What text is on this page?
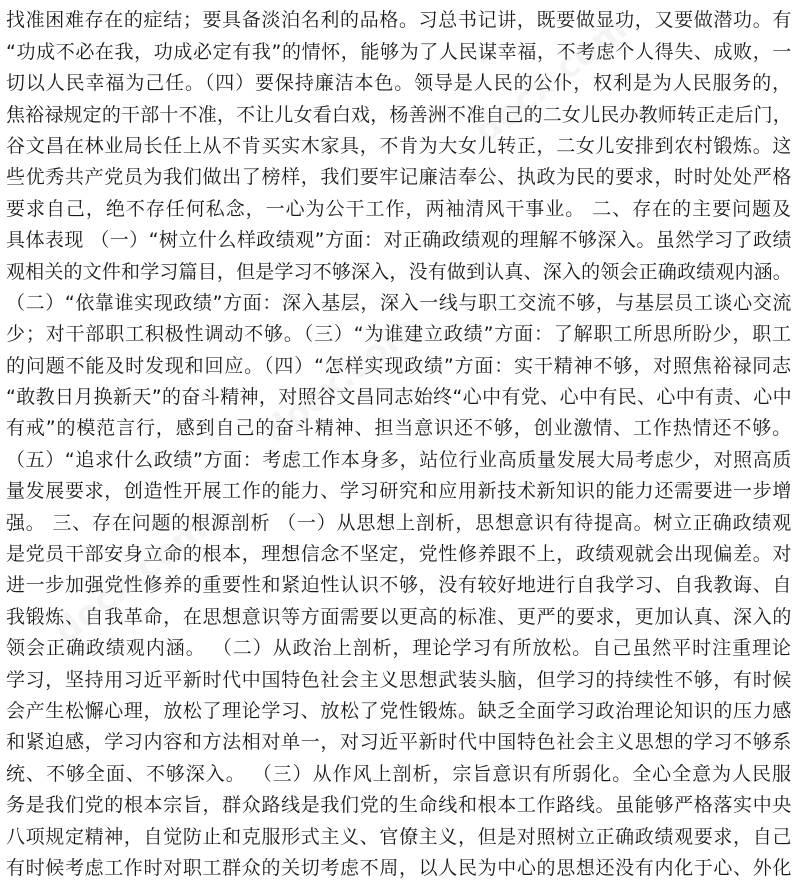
找准困难存在的症结；要具备淡泊名利的品格。习总书记讲，既要做显功，又要做潜功。有
“功成不必在我，功成必定有我”的情怀，能够为了人民谋幸福，不考虑个人得失、成败，一
切以人民幸福为己任。（四）要保持廉洁本色。领导是人民的公仆，权利是为人民服务的，
焦裕禄规定的干部十不准，不让儿女看白戏，杨善洲不准自己的二女儿民办教师转正走后门，
谷文昌在林业局长任上从不肯买实木家具，不肯为大女儿转正，二女儿安排到农村锻炼。这
些优秀共产党员为我们做出了榜样，我们要牢记廉洁奉公、执政为民的要求，时时处处严格
要求自己，绝不存任何私念，一心为公干工作，两袖清风干事业。 二、存在的主要问题及
具体表现 （一）“树立什么样政绩观”方面：对正确政绩观的理解不够深入。虽然学习了政绩
观相关的文件和学习篇目，但是学习不够深入，没有做到认真、深入的领会正确政绩观内涵。
（二）“依靠谁实现政绩”方面：深入基层，深入一线与职工交流不够，与基层员工谈心交流
少；对干部职工积极性调动不够。（三）“为谁建立政绩”方面：了解职工所思所盼少，职工
的问题不能及时发现和回应。（四）“怎样实现政绩”方面：实干精神不够，对照焦裕禄同志
“敢教日月换新天”的奋斗精神，对照谷文昌同志始终“心中有党、心中有民、心中有责、心中
有戒”的模范言行，感到自己的奋斗精神、担当意识还不够，创业激情、工作热情还不够。
（五）“追求什么政绩”方面：考虑工作本身多，站位行业高质量发展大局考虑少，对照高质
量发展要求，创造性开展工作的能力、学习研究和应用新技术新知识的能力还需要进一步增
强。 三、存在问题的根源剖析 （一）从思想上剖析，思想意识有待提高。树立正确政绩观
是党员干部安身立命的根本，理想信念不坚定，党性修养跟不上，政绩观就会出现偏差。对
进一步加强党性修养的重要性和紧迫性认识不够，没有较好地进行自我学习、自我教诲、自
我锻炼、自我革命，在思想意识等方面需要以更高的标准、更严的要求，更加认真、深入的
领会正确政绩观内涵。 （二）从政治上剖析，理论学习有所放松。自己虽然平时注重理论
学习，坚持用习近平新时代中国特色社会主义思想武装头脑，但学习的持续性不够，有时候
会产生松懈心理，放松了理论学习、放松了党性锻炼。缺乏全面学习政治理论知识的压力感
和紧迫感，学习内容和方法相对单一，对习近平新时代中国特色社会主义思想的学习不够系
统、不够全面、不够深入。 （三）从作风上剖析，宗旨意识有所弱化。全心全意为人民服
务是我们党的根本宗旨，群众路线是我们党的生命线和根本工作路线。虽能够严格落实中央
八项规定精神，自觉防止和克服形式主义、官僚主义，但是对照树立正确政绩观要求，自己
有时候考虑工作时对职工群众的关切考虑不周，以人民为中心的思想还没有内化于心、外化
docx.com
docx.com
docx.com
